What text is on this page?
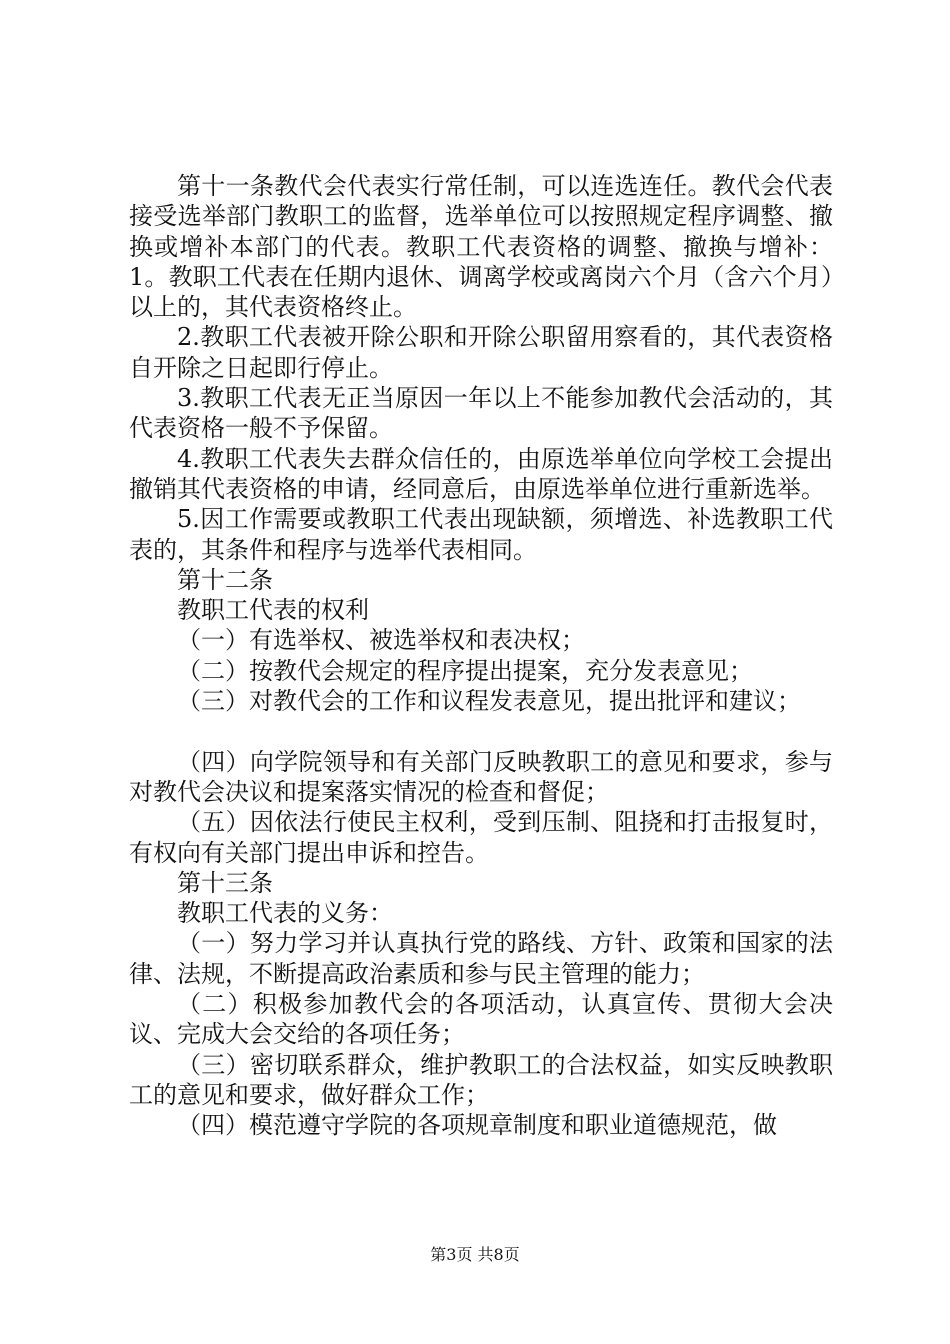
第十一条教代会代表实行常任制，可以连选连任。教代会代表接受选举部门教职工的监督，选举单位可以按照规定程序调整、撤换或增补本部门的代表。教职工代表资格的调整、撤换与增补：1。教职工代表在任期内退休、调离学校或离岗六个月（含六个月）以上的，其代表资格终止。

2.教职工代表被开除公职和开除公职留用察看的，其代表资格自开除之日起即行停止。

3.教职工代表无正当原因一年以上不能参加教代会活动的，其代表资格一般不予保留。

4.教职工代表失去群众信任的，由原选举单位向学校工会提出撤销其代表资格的申请，经同意后，由原选举单位进行重新选举。

5.因工作需要或教职工代表出现缺额，须增选、补选教职工代表的，其条件和程序与选举代表相同。

第十二条

教职工代表的权利

（一）有选举权、被选举权和表决权；

（二）按教代会规定的程序提出提案，充分发表意见；

（三）对教代会的工作和议程发表意见，提出批评和建议；

（四）向学院领导和有关部门反映教职工的意见和要求，参与对教代会决议和提案落实情况的检查和督促；

（五）因依法行使民主权利，受到压制、阻挠和打击报复时，有权向有关部门提出申诉和控告。

第十三条

教职工代表的义务：

（一）努力学习并认真执行党的路线、方针、政策和国家的法律、法规，不断提高政治素质和参与民主管理的能力；

（二）积极参加教代会的各项活动，认真宣传、贯彻大会决议、完成大会交给的各项任务；

（三）密切联系群众，维护教职工的合法权益，如实反映教职工的意见和要求，做好群众工作；

（四）模范遵守学院的各项规章制度和职业道德规范，做

第3页 共8页
